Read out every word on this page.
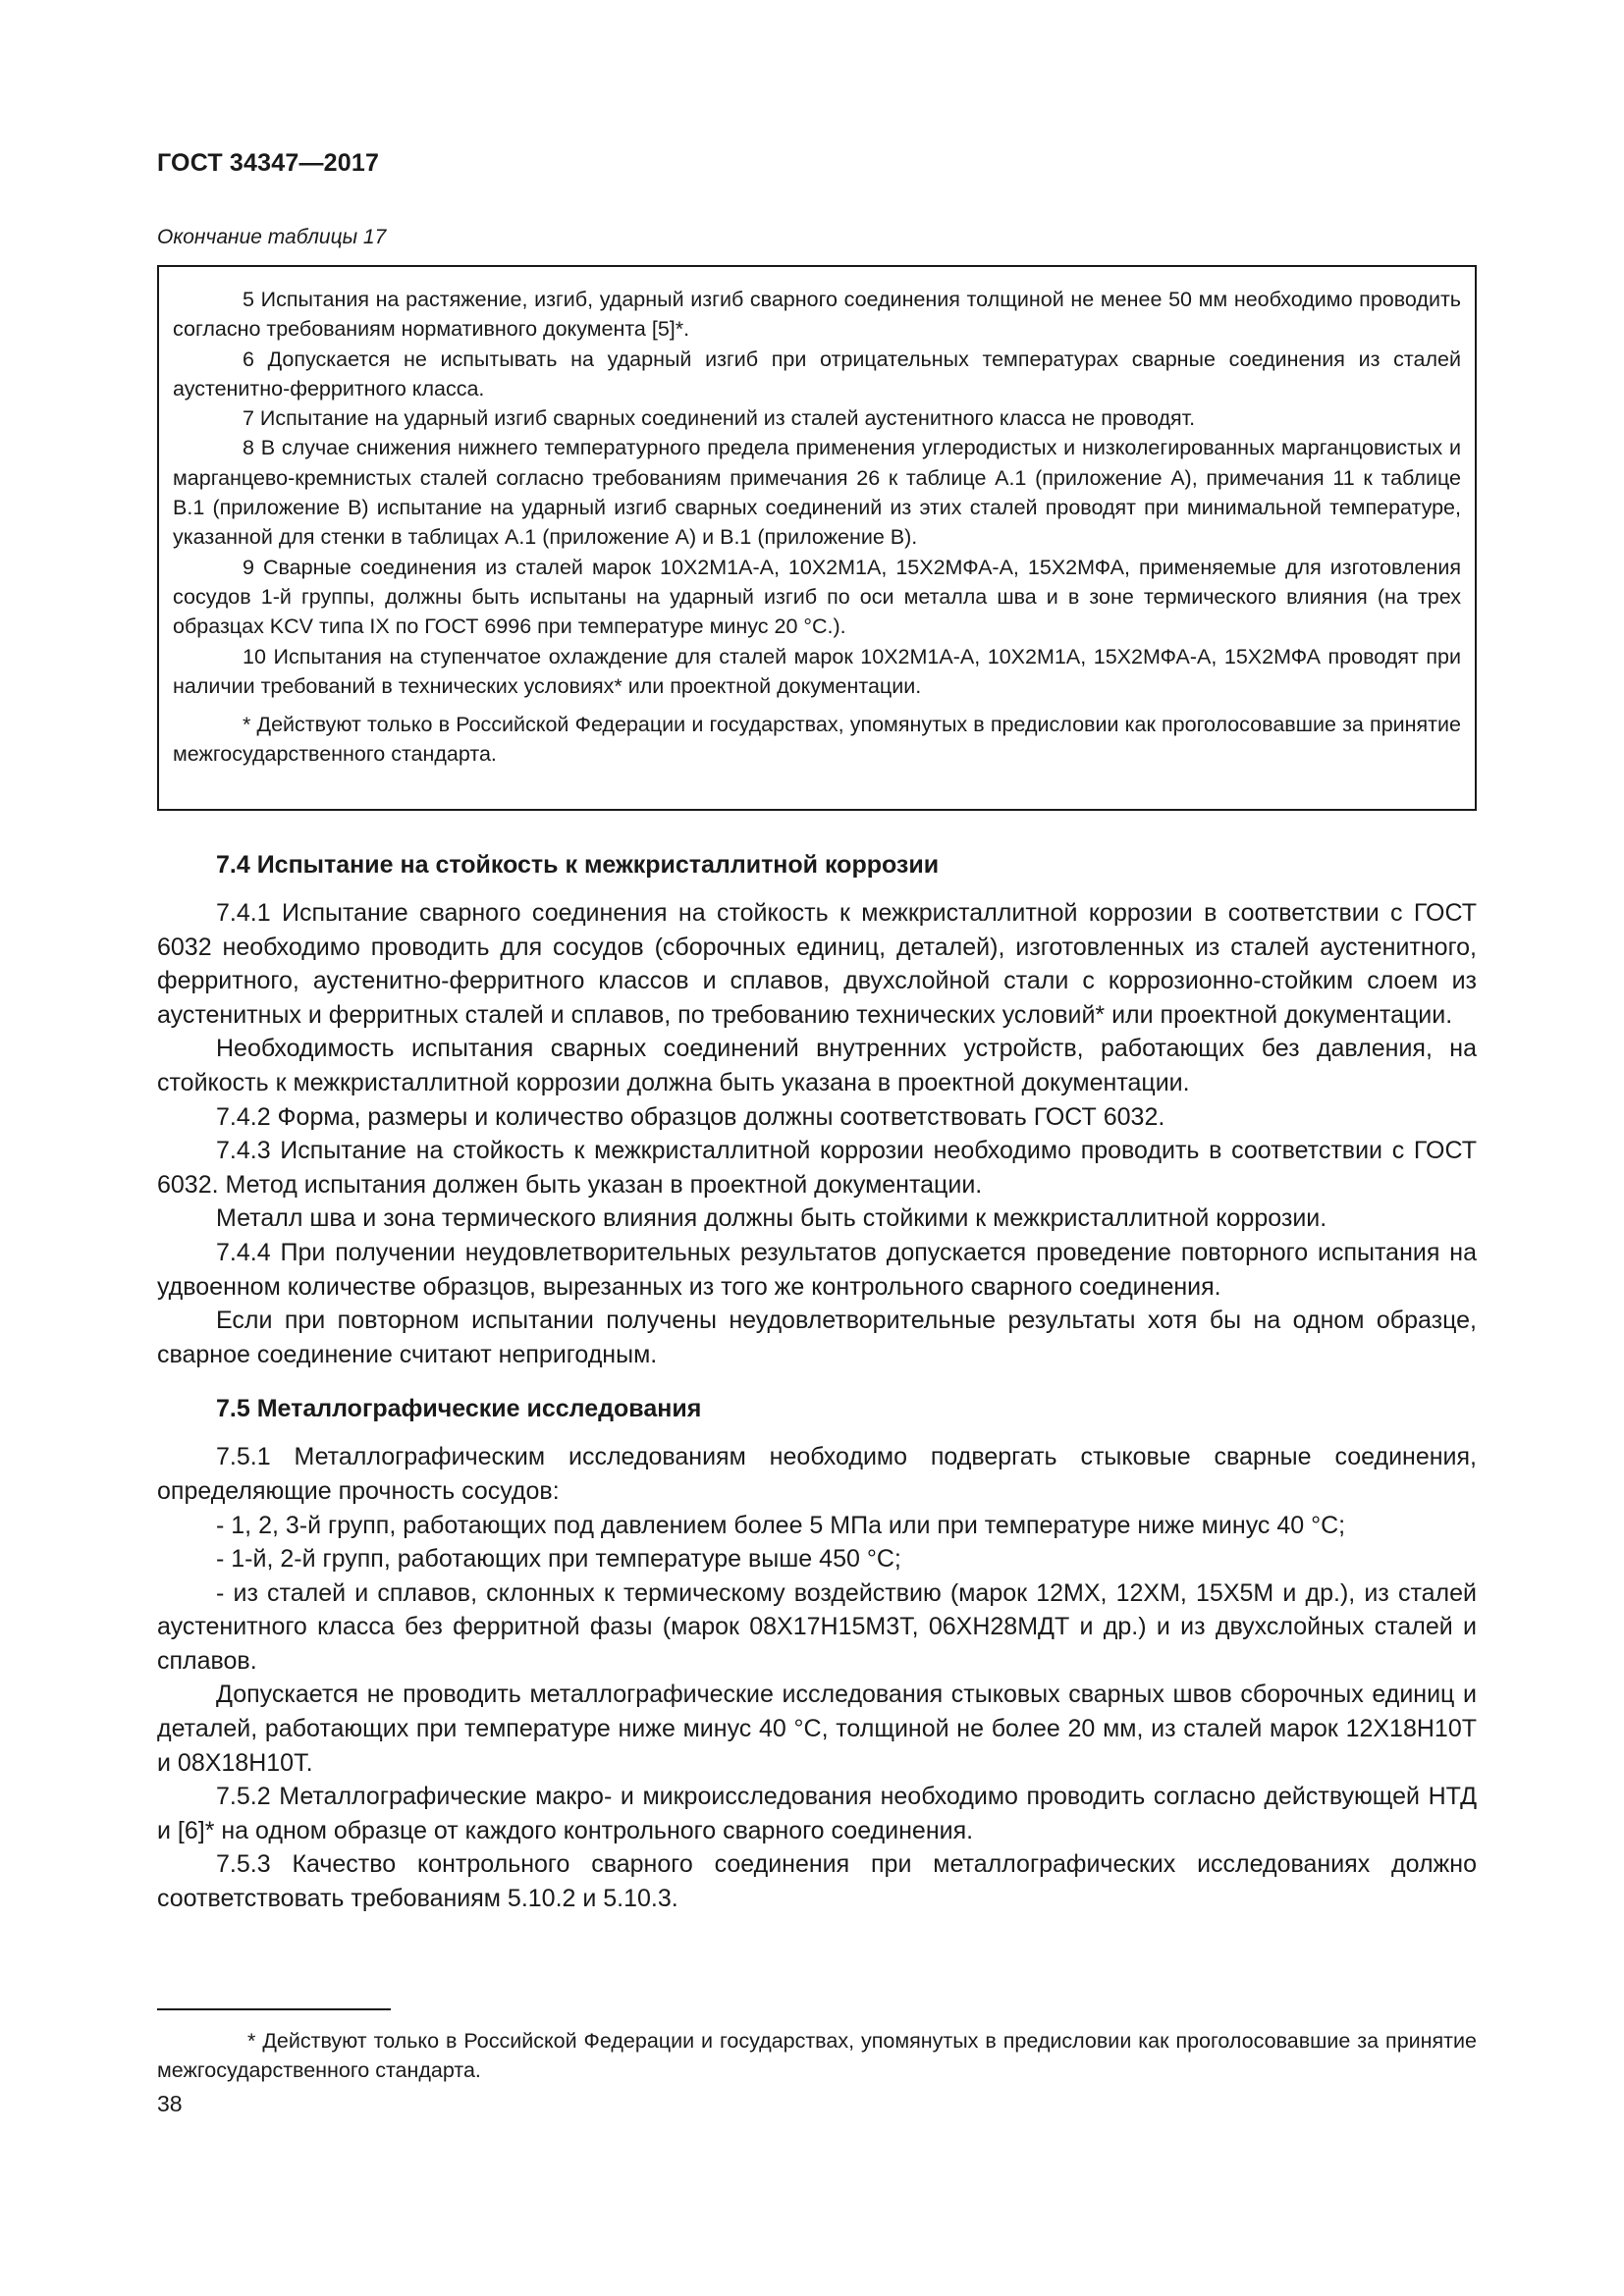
ГОСТ 34347—2017
Окончание таблицы 17

5 Испытания на растяжение, изгиб, ударный изгиб сварного соединения толщиной не менее 50 мм необходимо проводить согласно требованиям нормативного документа [5]*.

6 Допускается не испытывать на ударный изгиб при отрицательных температурах сварные соединения из сталей аустенитно-ферритного класса.

7 Испытание на ударный изгиб сварных соединений из сталей аустенитного класса не проводят.

8 В случае снижения нижнего температурного предела применения углеродистых и низколегированных марганцовистых и марганцево-кремнистых сталей согласно требованиям примечания 26 к таблице А.1 (приложение А), примечания 11 к таблице В.1 (приложение В) испытание на ударный изгиб сварных соединений из этих сталей проводят при минимальной температуре, указанной для стенки в таблицах А.1 (приложение А) и В.1 (приложение В).

9 Сварные соединения из сталей марок 10Х2М1А-А, 10Х2М1А, 15Х2МФА-А, 15Х2МФА, применяемые для изготовления сосудов 1-й группы, должны быть испытаны на ударный изгиб по оси металла шва и в зоне термического влияния (на трех образцах KCV типа IX по ГОСТ 6996 при температуре минус 20 °С.).

10 Испытания на ступенчатое охлаждение для сталей марок 10Х2М1А-А, 10Х2М1А, 15Х2МФА-А, 15Х2МФА проводят при наличии требований в технических условиях* или проектной документации.

* Действуют только в Российской Федерации и государствах, упомянутых в предисловии как проголосовавшие за принятие межгосударственного стандарта.

7.4 Испытание на стойкость к межкристаллитной коррозии

7.4.1 Испытание сварного соединения на стойкость к межкристаллитной коррозии в соответствии с ГОСТ 6032 необходимо проводить для сосудов (сборочных единиц, деталей), изготовленных из сталей аустенитного, ферритного, аустенитно-ферритного классов и сплавов, двухслойной стали с коррозионно-стойким слоем из аустенитных и ферритных сталей и сплавов, по требованию технических условий* или проектной документации.

Необходимость испытания сварных соединений внутренних устройств, работающих без давления, на стойкость к межкристаллитной коррозии должна быть указана в проектной документации.

7.4.2 Форма, размеры и количество образцов должны соответствовать ГОСТ 6032.

7.4.3 Испытание на стойкость к межкристаллитной коррозии необходимо проводить в соответствии с ГОСТ 6032. Метод испытания должен быть указан в проектной документации.

Металл шва и зона термического влияния должны быть стойкими к межкристаллитной коррозии.

7.4.4 При получении неудовлетворительных результатов допускается проведение повторного испытания на удвоенном количестве образцов, вырезанных из того же контрольного сварного соединения.

Если при повторном испытании получены неудовлетворительные результаты хотя бы на одном образце, сварное соединение считают непригодным.

7.5 Металлографические исследования

7.5.1 Металлографическим исследованиям необходимо подвергать стыковые сварные соединения, определяющие прочность сосудов:

- 1, 2, 3-й групп, работающих под давлением более 5 МПа или при температуре ниже минус 40 °С;

- 1-й, 2-й групп, работающих при температуре выше 450 °С;

- из сталей и сплавов, склонных к термическому воздействию (марок 12МХ, 12ХМ, 15Х5М и др.), из сталей аустенитного класса без ферритной фазы (марок 08Х17Н15М3Т, 06ХН28МДТ и др.) и из двухслойных сталей и сплавов.

Допускается не проводить металлографические исследования стыковых сварных швов сборочных единиц и деталей, работающих при температуре ниже минус 40 °С, толщиной не более 20 мм, из сталей марок 12Х18Н10Т и 08Х18Н10Т.

7.5.2 Металлографические макро- и микроисследования необходимо проводить согласно действующей НТД и [6]* на одном образце от каждого контрольного сварного соединения.

7.5.3 Качество контрольного сварного соединения при металлографических исследованиях должно соответствовать требованиям 5.10.2 и 5.10.3.

* Действуют только в Российской Федерации и государствах, упомянутых в предисловии как проголосовавшие за принятие межгосударственного стандарта.

38
